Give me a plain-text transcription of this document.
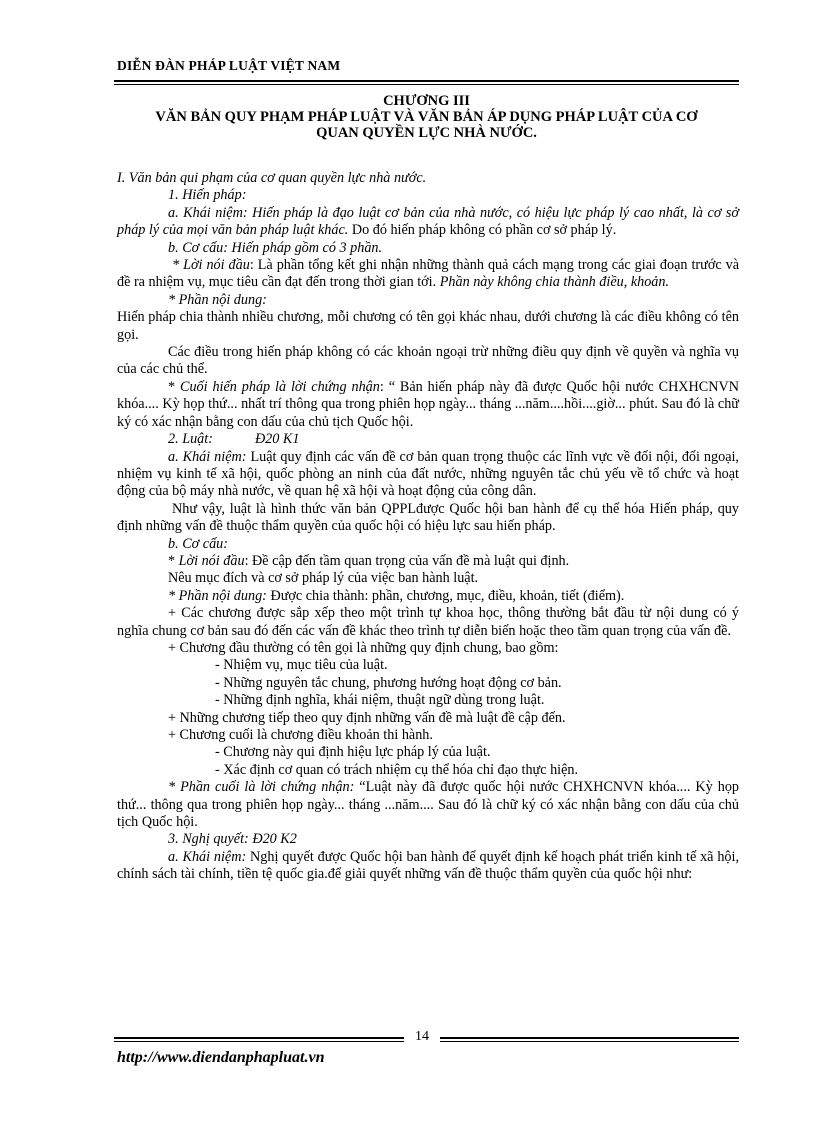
DIỄN ĐÀN PHÁP LUẬT VIỆT NAM
CHƯƠNG III
VĂN BẢN QUY PHẠM PHÁP LUẬT VÀ VĂN BẢN ÁP DỤNG PHÁP LUẬT CỦA CƠ
QUAN QUYỀN LỰC NHÀ NƯỚC.

I. Văn bản qui phạm của cơ quan quyền lực nhà nước.

1. Hiến pháp:

a. Khái niệm: Hiến pháp là đạo luật cơ bản của nhà nước, có hiệu lực pháp lý cao nhất, là cơ sở pháp lý của mọi văn bản pháp luật khác. Do đó hiến pháp không có phần cơ sở pháp lý.

b. Cơ cấu: Hiến pháp gồm có 3 phần.

* Lời nói đầu: Là phần tổng kết ghi nhận những thành quả cách mạng trong các giai đoạn trước và đề ra nhiệm vụ, mục tiêu cần đạt đến trong thời gian tới. Phần này không chia thành điều, khoản.

* Phần nội dung:

Hiến pháp chia thành nhiều chương, mỗi chương có tên gọi khác nhau, dưới chương là các điều không có tên gọi.

Các điều trong hiến pháp không có các khoản ngoại trừ những điều quy định về quyền và nghĩa vụ của các chủ thể.

* Cuối hiến pháp là lời chứng nhận: “ Bản hiến pháp này đã được Quốc hội nước CHXHCNVN khóa.... Kỳ họp thứ... nhất trí thông qua trong phiên họp ngày... tháng ...năm....hồi....giờ... phút. Sau đó là chữ ký có xác nhận bằng con dấu của chủ tịch Quốc hội.

2. Luật:	Đ20 K1

a. Khái niệm: Luật quy định các vấn đề cơ bản quan trọng thuộc các lĩnh vực về đối nội, đối ngoại, nhiệm vụ kinh tế xã hội, quốc phòng an ninh của đất nước, những nguyên tắc chủ yếu về tổ chức và hoạt động của bộ máy nhà nước, về quan hệ xã hội và hoạt động của công dân.

Như vậy, luật là hình thức văn bản QPPLđược Quốc hội ban hành để cụ thể hóa Hiến pháp, quy định những vấn đề thuộc thẩm quyền của quốc hội có hiệu lực sau hiến pháp.

b. Cơ cấu:

* Lời nói đầu: Đề cập đến tầm quan trọng của vấn đề mà luật qui định.

Nêu mục đích và cơ sở pháp lý của việc ban hành luật.

* Phần nội dung: Được chia thành: phần, chương, mục, điều, khoản, tiết (điểm).

+ Các chương được sắp xếp theo một trình tự khoa học, thông thường bắt đầu từ nội dung có ý nghĩa chung cơ bản sau đó đến các vấn đề khác theo trình tự diễn biến hoặc theo tầm quan trọng của vấn đề.

+ Chương đầu thường có tên gọi là những quy định chung, bao gồm:

- Nhiệm vụ, mục tiêu của luật.

- Những nguyên tắc chung, phương hướng hoạt động cơ bản.

- Những định nghĩa, khái niệm, thuật ngữ dùng trong luật.

+ Những chương tiếp theo quy định những vấn đề mà luật đề cập đến.

+ Chương cuối là chương điều khoản thi hành.

- Chương này qui định hiệu lực pháp lý của luật.

- Xác định cơ quan có trách nhiệm cụ thể hóa chỉ đạo thực hiện.

* Phần cuối là lời chứng nhận: “Luật này đã được quốc hội nước CHXHCNVN khóa.... Kỳ họp thứ... thông qua trong phiên họp ngày... tháng ...năm.... Sau đó là chữ ký có xác nhận bằng con dấu của chủ tịch Quốc hội.

3. Nghị quyết: Đ20 K2

a. Khái niệm: Nghị quyết được Quốc hội ban hành để quyết định kế hoạch phát triển kinh tế xã hội, chính sách tài chính, tiền tệ quốc gia.để giải quyết những vấn đề thuộc thẩm quyền của quốc hội như:

14
http://www.diendanphapluat.vn
